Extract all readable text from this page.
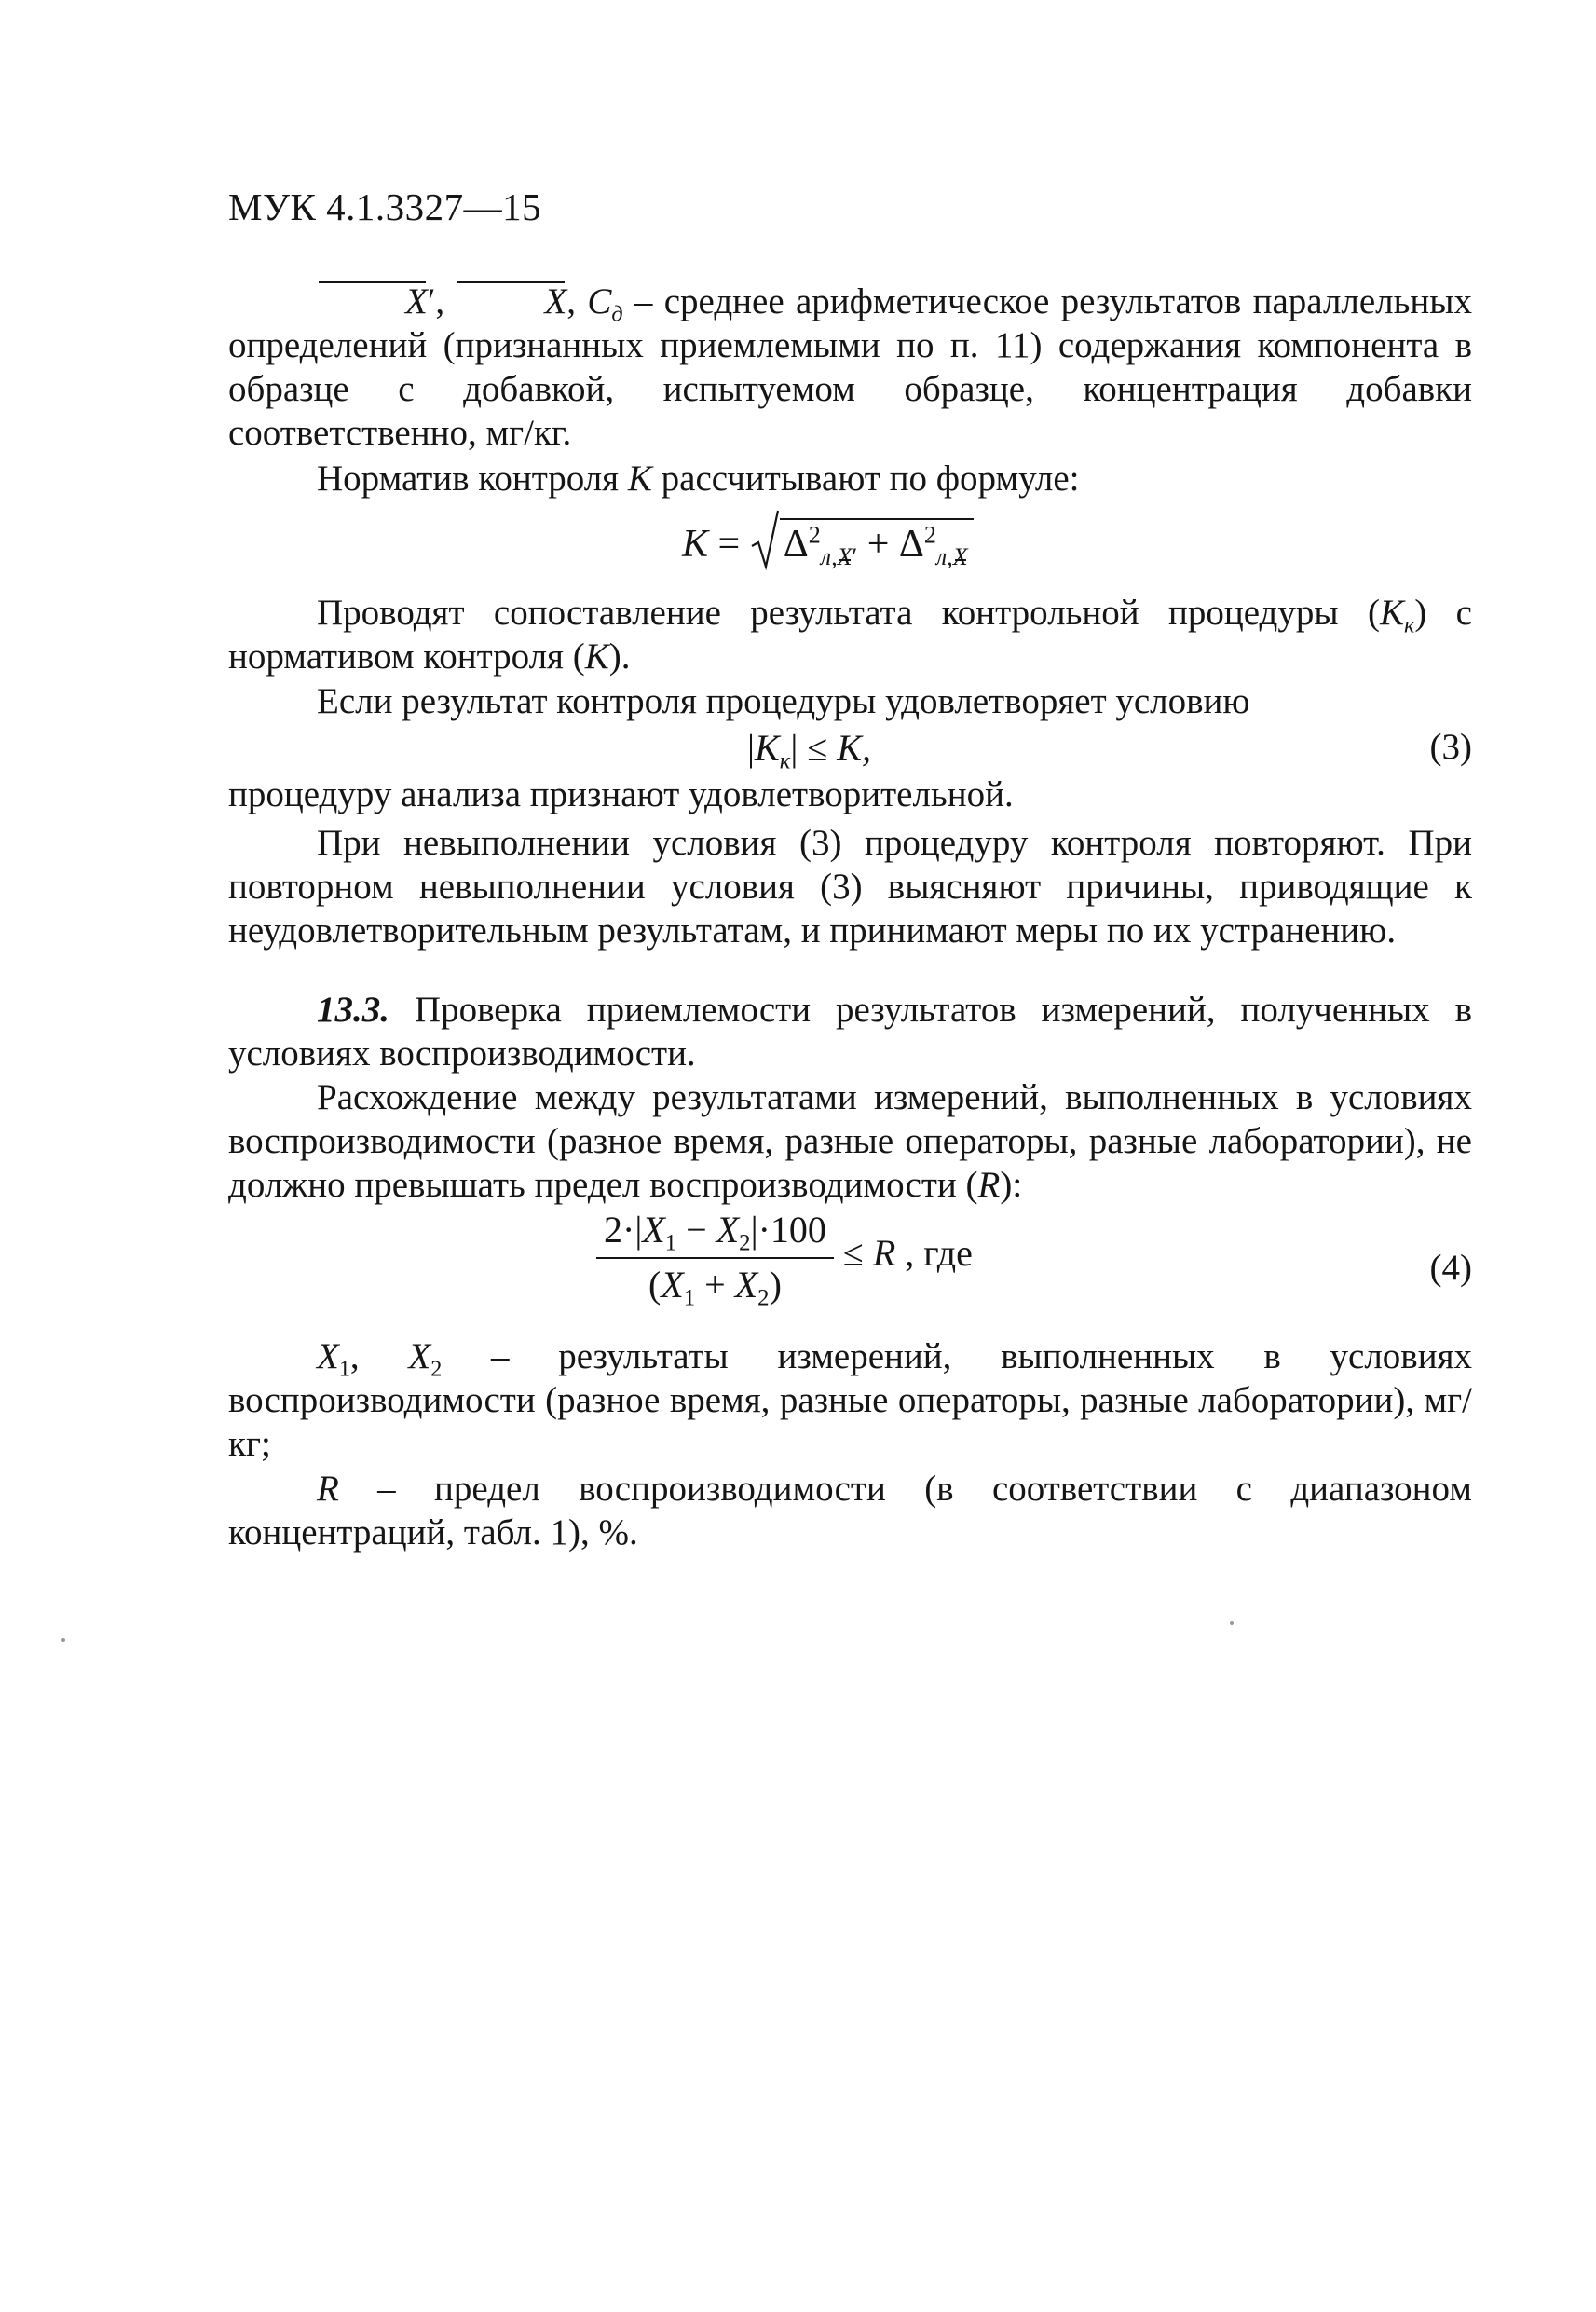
МУК 4.1.3327—15
X′,	X, $C_д$ – среднее арифметическое результатов параллельных определений (признанных приемлемыми по п. 11) содержания компонента в образце с добавкой, испытуемом образце, концентрация добавки соответственно, мг/кг.
Норматив контроля K рассчитывают по формуле:
$K = \Delta^2_{л,X'} + \Delta^2_{л,X}$
Проводят сопоставление результата контрольной процедуры $(K_к)$ с нормативом контроля (K).
Если результат контроля процедуры удовлетворяет условию
$|K_к| \le K$,	(3)
процедуру анализа признают удовлетворительной.
При невыполнении условия (3) процедуру контроля повторяют. При повторном невыполнении условия (3) выясняют причины, приводящие к неудовлетворительным результатам, и принимают меры по их устранению.
13.3. Проверка приемлемости результатов измерений, полученных в условиях воспроизводимости.
Расхождение между результатами измерений, выполненных в условиях воспроизводимости (разное время, разные операторы, разные лаборатории), не должно превышать предел воспроизводимости (R):
$\frac{2\cdot|X_1 - X_2|\cdot 100}{(X_1 + X_2)} \le R$ , где	(4)
$X_1$, $X_2$ – результаты измерений, выполненных в условиях воспроизводимости (разное время, разные операторы, разные лаборатории), мг/кг;
R – предел воспроизводимости (в соответствии с диапазоном концентраций, табл. 1), %.
